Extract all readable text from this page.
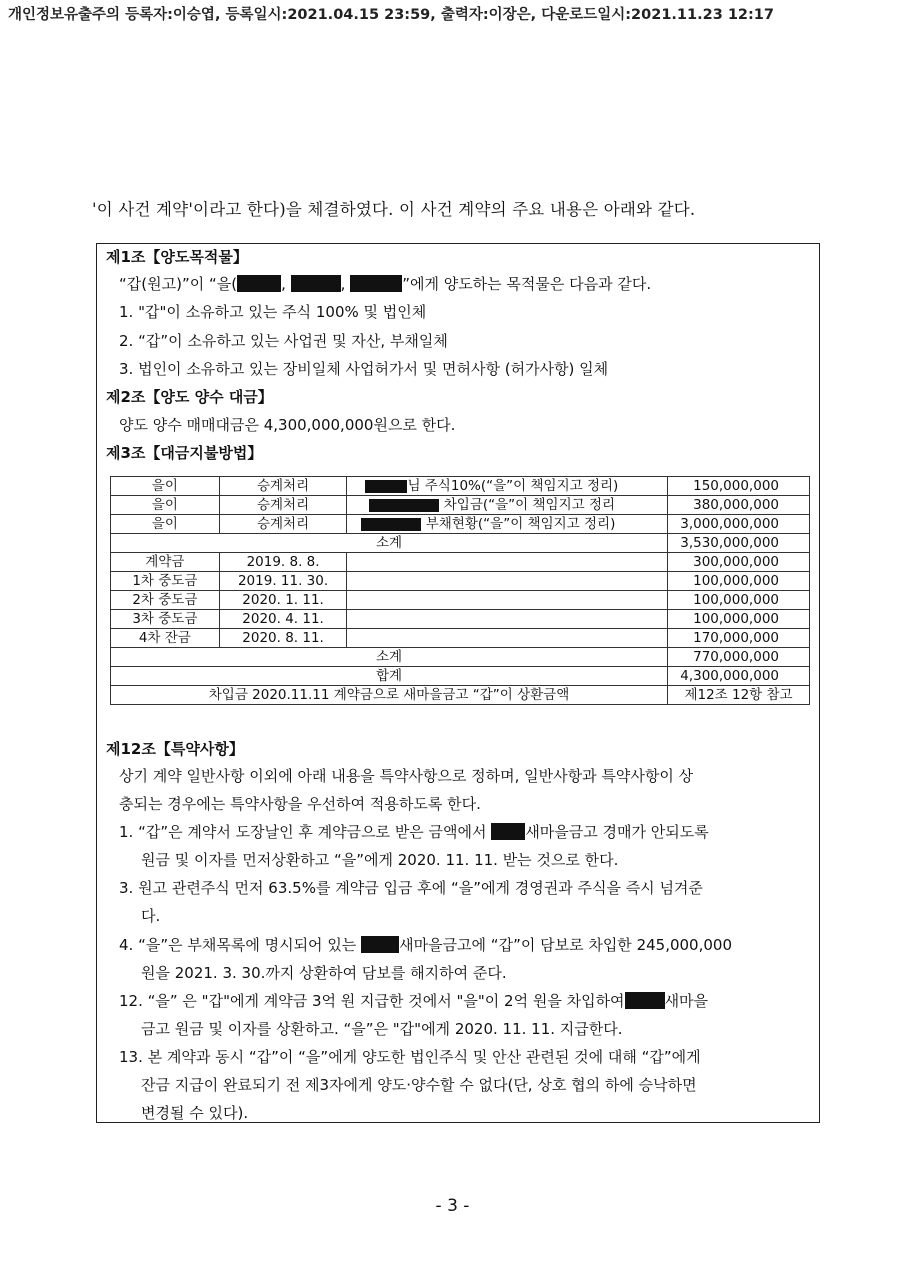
개인정보유출주의 등록자:이승엽, 등록일시:2021.04.15 23:59, 출력자:이장은, 다운로드일시:2021.11.23 12:17
'이 사건 계약'이라고 한다)을 체결하였다. 이 사건 계약의 주요 내용은 아래와 같다.
제1조【양도목적물】
“갑(원고)”이 “을(	,	,	”에게 양도하는 목적물은 다음과 같다.
1. "갑"이 소유하고 있는 주식 100% 및 법인체
2. “갑”이 소유하고 있는 사업권 및 자산, 부채일체
3. 법인이 소유하고 있는 장비일체 사업허가서 및 면허사항 (허가사항) 일체
제2조【양도 양수 대금】
양도 양수 매매대금은 4,300,000,000원으로 한다.
제3조【대금지불방법】
을이	승계처리	님 주식10%(“을”이 책임지고 정리)	150,000,000
을이	승계처리	차입금(“을”이 책임지고 정리	380,000,000
을이	승계처리	부채현황(“을”이 책임지고 정리)	3,000,000,000
소계			3,530,000,000
계약금	2019. 8. 8.		300,000,000
1차 중도금	2019. 11. 30.		100,000,000
2차 중도금	2020. 1. 11.		100,000,000
3차 중도금	2020. 4. 11.		100,000,000
4차 잔금	2020. 8. 11.		170,000,000
소계			770,000,000
합계			4,300,000,000
차입금 2020.11.11 계약금으로 새마을금고 “갑”이 상환금액			제12조 12항 참고
제12조【특약사항】
상기 계약 일반사항 이외에 아래 내용을 특약사항으로 정하며, 일반사항과 특약사항이 상
충되는 경우에는 특약사항을 우선하여 적용하도록 한다.
1. “갑”은 계약서 도장날인 후 계약금으로 받은 금액에서	새마을금고 경매가 안되도록
원금 및 이자를 먼저상환하고 “을”에게 2020. 11. 11. 받는 것으로 한다.
3. 원고 관련주식 먼저 63.5%를 계약금 입금 후에 “을”에게 경영권과 주식을 즉시 넘겨준
다.
4. “을”은 부채목록에 명시되어 있는	새마을금고에 “갑”이 담보로 차입한 245,000,000
원을 2021. 3. 30.까지 상환하여 담보를 해지하여 준다.
12. “을” 은 "갑"에게 계약금 3억 원 지급한 것에서 "을"이 2억 원을 차입하여	새마을
금고 원금 및 이자를 상환하고. “을”은 "갑"에게 2020. 11. 11. 지급한다.
13. 본 계약과 동시 “갑”이 “을”에게 양도한 법인주식 및 안산 관련된 것에 대해 “갑”에게
잔금 지급이 완료되기 전 제3자에게 양도·양수할 수 없다(단, 상호 협의 하에 승낙하면
변경될 수 있다).
- 3 -
